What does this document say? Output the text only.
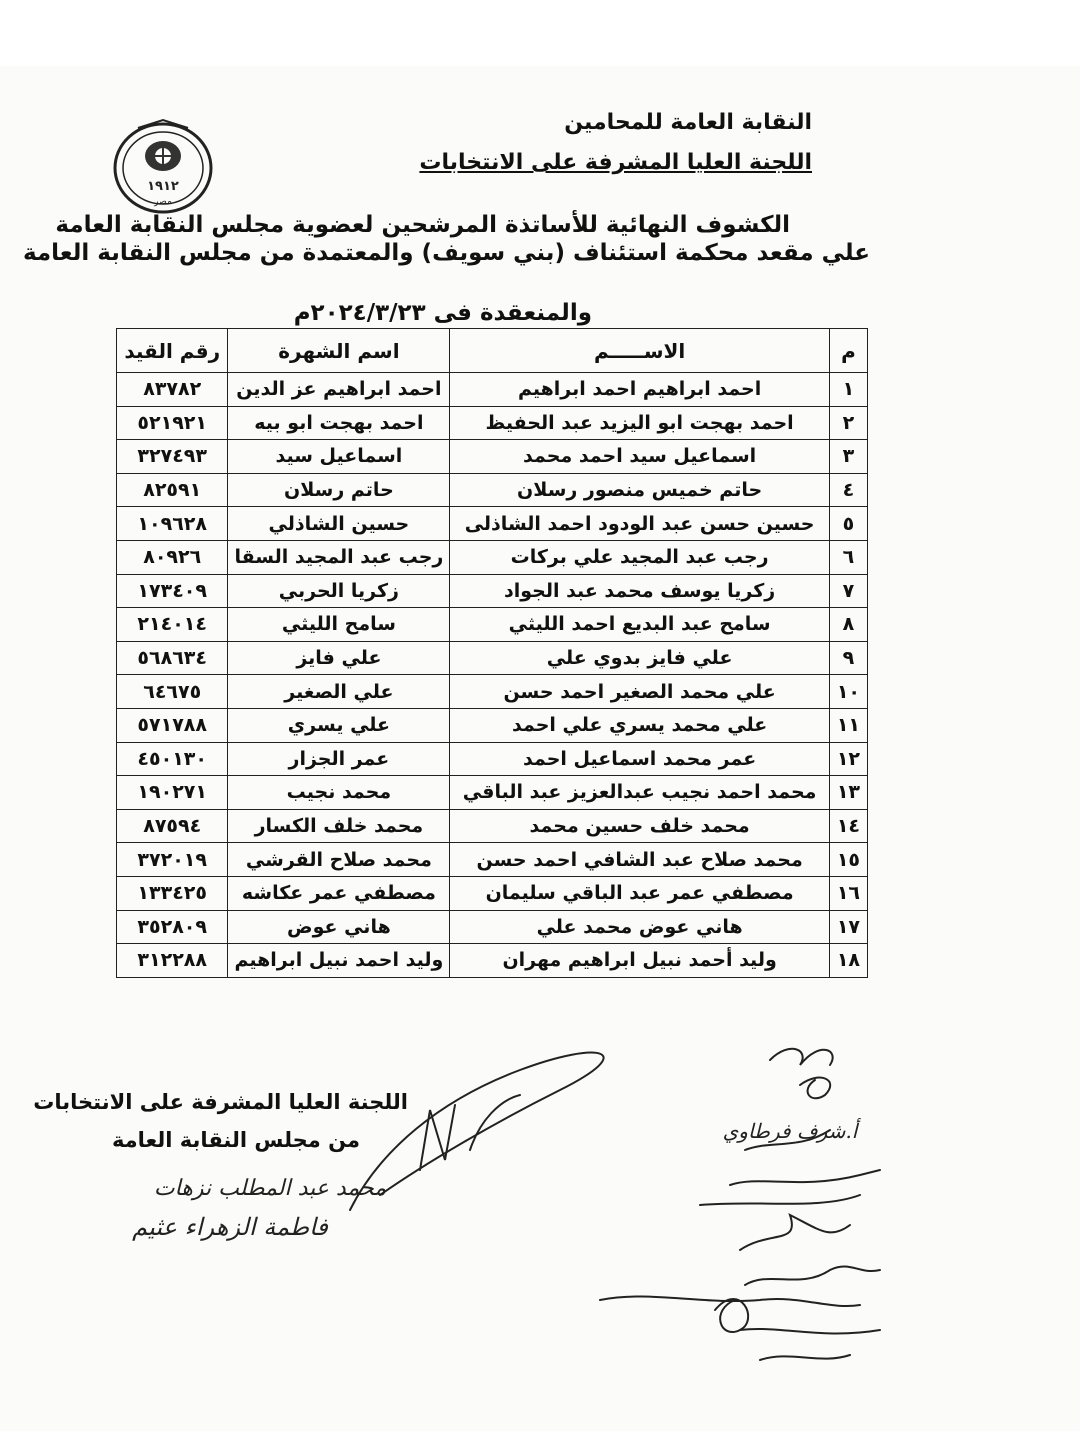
النقابة العامة للمحامين
اللجنة العليا المشرفة على الانتخابات
١٩١٢
مصر
الكشوف النهائية للأساتذة المرشحين لعضوية مجلس النقابة العامة
علي مقعد محكمة استئناف (بني سويف) والمعتمدة من مجلس النقابة العامة
والمنعقدة فى ٢٠٢٤/٣/٢٣م
م	الاســـــم	اسم الشهرة	رقم القيد
١	احمد ابراهيم احمد ابراهيم	احمد ابراهيم عز الدين	٨٣٧٨٢
٢	احمد بهجت ابو اليزيد عبد الحفيظ	احمد بهجت ابو بيه	٥٢١٩٢١
٣	اسماعيل سيد احمد محمد	اسماعيل سيد	٣٢٧٤٩٣
٤	حاتم خميس منصور رسلان	حاتم رسلان	٨٢٥٩١
٥	حسين حسن عبد الودود احمد الشاذلى	حسين الشاذلي	١٠٩٦٢٨
٦	رجب عبد المجيد علي بركات	رجب عبد المجيد السقا	٨٠٩٢٦
٧	زكريا يوسف محمد عبد الجواد	زكريا الحربي	١٧٣٤٠٩
٨	سامح عبد البديع احمد الليثي	سامح الليثي	٢١٤٠١٤
٩	علي فايز بدوي علي	علي فايز	٥٦٨٦٣٤
١٠	علي محمد الصغير احمد حسن	علي الصغير	٦٤٦٧٥
١١	علي محمد يسري علي احمد	علي يسري	٥٧١٧٨٨
١٢	عمر محمد اسماعيل احمد	عمر الجزار	٤٥٠١٣٠
١٣	محمد احمد نجيب عبدالعزيز عبد الباقي	محمد نجيب	١٩٠٢٧١
١٤	محمد خلف حسين محمد	محمد خلف الكسار	٨٧٥٩٤
١٥	محمد صلاح عبد الشافي احمد حسن	محمد صلاح القرشي	٣٧٢٠١٩
١٦	مصطفي عمر عبد الباقي سليمان	مصطفي عمر عكاشه	١٣٣٤٢٥
١٧	هاني عوض محمد علي	هاني عوض	٣٥٢٨٠٩
١٨	وليد أحمد نبيل ابراهيم مهران	وليد احمد نبيل ابراهيم	٣١٢٢٨٨
اللجنة العليا المشرفة على الانتخابات
من مجلس النقابة العامة
محمد عبد المطلب نزهات
فاطمة الزهراء عثيم
أ.شرف فرطاوي
